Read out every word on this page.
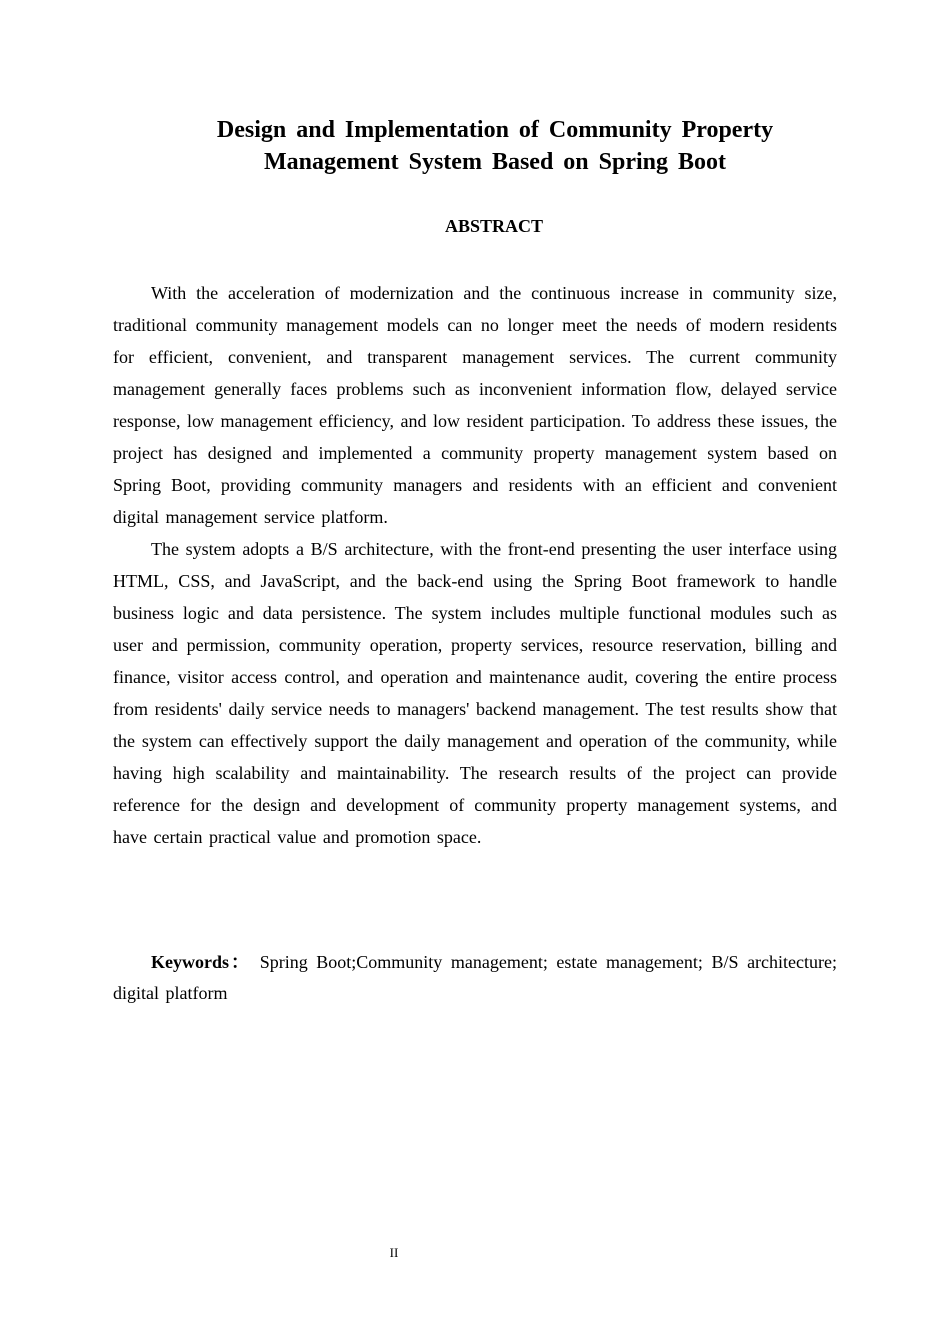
Design and Implementation of Community Property
Management System Based on Spring Boot
ABSTRACT

With the acceleration of modernization and the continuous increase in community size, traditional community management models can no longer meet the needs of modern residents for efficient, convenient, and transparent management services. The current community management generally faces problems such as inconvenient information flow, delayed service response, low management efficiency, and low resident participation. To address these issues, the project has designed and implemented a community property management system based on Spring Boot, providing community managers and residents with an efficient and convenient digital management service platform.

The system adopts a B/S architecture, with the front-end presenting the user interface using HTML, CSS, and JavaScript, and the back-end using the Spring Boot framework to handle business logic and data persistence. The system includes multiple functional modules such as user and permission, community operation, property services, resource reservation, billing and finance, visitor access control, and operation and maintenance audit, covering the entire process from residents' daily service needs to managers' backend management. The test results show that the system can effectively support the daily management and operation of the community, while having high scalability and maintainability. The research results of the project can provide reference for the design and development of community property management systems, and have certain practical value and promotion space.

Keywords： Spring Boot;Community management; estate management; B/S architecture; digital platform

II
